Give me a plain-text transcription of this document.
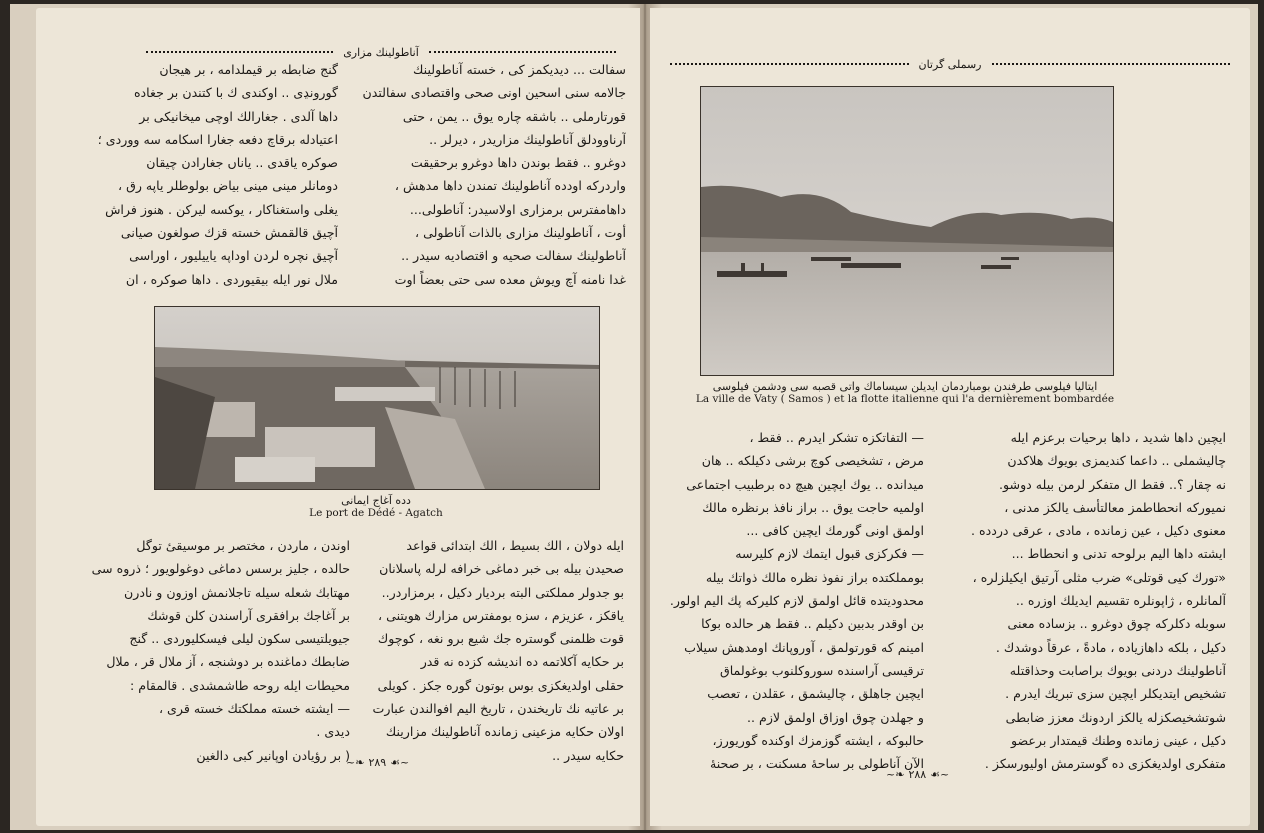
آناطولینك مزاری

سفالت ... دیدیکمز کی ، خسته آناطولینك

جالامه سنی اسحین اونی صحی واقتصادی سفالتدن

قورتارملی .. باشقه چاره یوق .. یمن ، حتی

آرناوودلق آناطولینك مزاریدر ، دیرلر ..

دوغرو .. فقط بوندن داها دوغرو برحقیقت

واردرکه اودده آناطولینك تمندن داها مدهش ،

داهامفترس برمزاری اولاسیدر: آناطولی...

أوت ، آناطولینك مزاری بالذات آناطولی ،

آناطولینك سفالت صحیه و اقتصادیه سیدر ..

غدا نامنه آچ ویوش معده سی حتی بعضاً اوت

گنج ضابطه بر قیملدامه ، بر هیجان

گورونڍی .. اوکندی ك با کتندن بر جغاده

داها آلدی . جغارالك اوچی میخانیکی بر

اعتیادله برقاچ دفعه جغارا اسکامه سه ووردی ؛

صوکره یاقدی .. یاناں جغارادن چیقان

دومانلر مینی مینی بیاض بولوطلر یاپه رق ،

یغلی واستغناکار ، یوکسه لیرکن . هنوز فراش

آچیق قالقمش خسته قزك صولغون صیانی

آچیق نچره لردن اوداپه یاییلیور ، اوراسی

ملال نور ایله بیقیوردی . داها صوکره ، ان

دده آغاج ایمانی
Le port de Dédé - Agatch

ایله دولان ، الك بسیط ، الك ابتدائی قواعد

صحیدن بیله بی خبر دماغی خرافه لرله پاسلانان

بو جدولر مملکتی البته برديار دکیل ، برمزاردر..

یاقکز ، عزیزم ، سزه بومفترس مزارك هویتنی ،

قوت ظلمنی گوستره جك شیع برو نغه ، کوچوك

بر حکایه آکلاتمه ده اندیشه کزده نه قدر

حقلی اولدیغکزی بوس بوتون گوره جکز . کویلی

بر عاتیه نك تاریخندن ، تاریخ الیم افوالندن عبارت

اولان حکایه مزعینی زمانده آناطولینك مزارینك

حکایه سیدر ..

اوندن ، ماردن ، مختصر بر موسیقیٔ توگل

حالده ، جلیز برسس دماغی دوغولویور ؛ ذروه سی

مهتابك شعله سیله تاجلانمش اوزون و نادرن

بر آغاجك برافقری آراسندن كلن قوشك

جیویلتیسی سکون لیلی فیسکلیوردی .. گنج

ضابطك دماغنده بر دوشنجه ، آز ملال قر ، ملال

محیطات ایله روحه طاشمشدی . قالمقام :

— ایشته خسته مملکتك خسته قری ،

دیدی .

( بر رؤیادن اوپانیر کبی دالغین

~❧ ٢٨٩ ☙~
رسملی گرتان
ایتالیا فیلوسی طرفندن بومباردمان ایدیلن سیساماك واتی قصبه سی ودشمن فیلوسی
La ville de Vaty ( Samos ) et la flotte italienne qui l'a dernièrement bombardée

ایچین داها شدید ، داها برحیات برعزم ایله

چالیشملی .. داعما کندیمزی بویوك هلاکدن

نه چقار ؟.. فقط ال متفکر لرمن بیله دوشو.

نمیورکه انحطاطمز معالتأسف یالکز مدنی ،

معنوی دکیل ، عین زمانده ، مادی ، عرقی دردده .

ایشته داها الیم برلوحه تدنی و انحطاط ...

«تورك کیی قوتلی» ضرب مثلی آرتیق ایکیلزلره ،

آلمانلره ، ژاپونلره تقسیم ایدیلك اوزره ..

سوبله دکلرکه چوق دوغرو .. بزساده معنی

دکیل ، بلکه داهازیاده ، مادةً ، عرقاً دوشدك .

آناطولینك دردنی بویوك براصابت وحذاقتله

تشخیص ایتدیکلر ایچین سزی تبریك ایدرم .

شوتشخیصکزله یالکز اردونك معزز ضابطی

دکیل ، عینی زمانده وطنك قیمتدار برعضو

متفکری اولدیغکزی ده گوسترمش اولیورسکز .

— التفاتکزه تشکر ایدرم .. فقط ،

مرض ، تشخیصی کوچ برشی دکیلکه .. هان

میدانده .. یوك ایچین هیچ ده برطبیب اجتماعی

اولمیه حاجت یوق .. براز نافذ برنظره مالك

اولمق اونی گورمك ایچین کافی ...

— فکرکزی قبول ایتمك لازم کلیرسه

بومملکتده براز نفوذ نظره مالك ذواتك بیله

محدودیتده قائل اولمق لازم کلیرکه پك الیم اولور.

بن اوقدر بدبین دکیلم .. فقط هر حالده بوکا

امینم که قورتولمق ، آوروپانك اومدهش سیلاب

ترقیسی آراسنده سوروکلنوب بوغولماق

ایچین جاهلق ، چالیشمق ، عقلدن ، تعصب

و جهلدن چوق اوزاق اولمق لازم ..

حالبوکه ، ایشته گوزمزك اوکنده گوریورز،

الآن آناطولی بر ساحهٔ مسکنت ، بر صحنهٔ

~❧ ٢٨٨ ☙~
